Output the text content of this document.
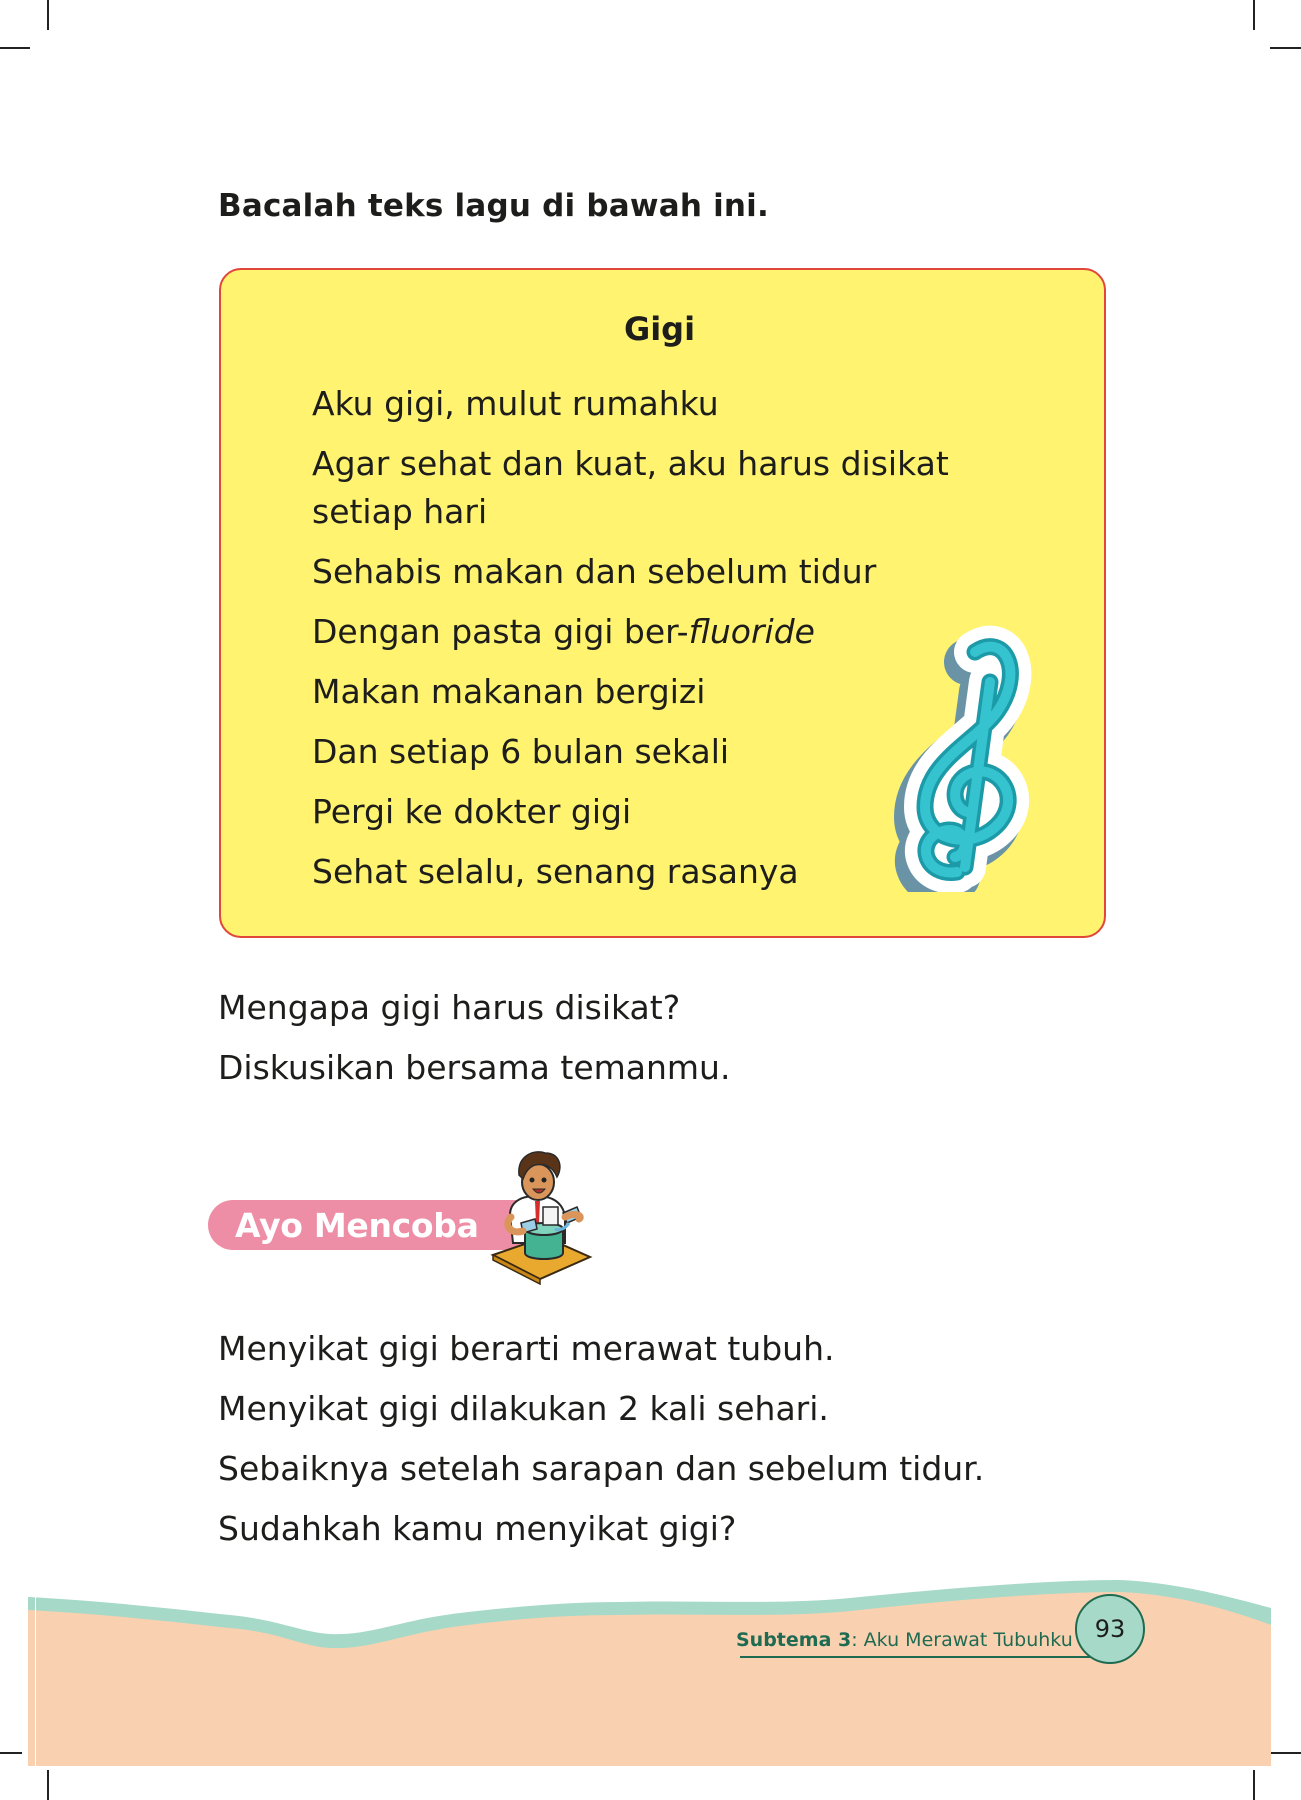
Bacalah teks lagu di bawah ini.
Gigi

Aku gigi, mulut rumahku

Agar sehat dan kuat, aku harus disikat setiap hari

Sehabis makan dan sebelum tidur

Dengan pasta gigi ber-fluoride

Makan makanan bergizi

Dan setiap 6 bulan sekali

Pergi ke dokter gigi

Sehat selalu, senang rasanya

Mengapa gigi harus disikat?
Diskusikan bersama temanmu.
Ayo Mencoba
Menyikat gigi berarti merawat tubuh.
Menyikat gigi dilakukan 2 kali sehari.
Sebaiknya setelah sarapan dan sebelum tidur.
Sudahkah kamu menyikat gigi?
Subtema 3: Aku Merawat Tubuhku 93
